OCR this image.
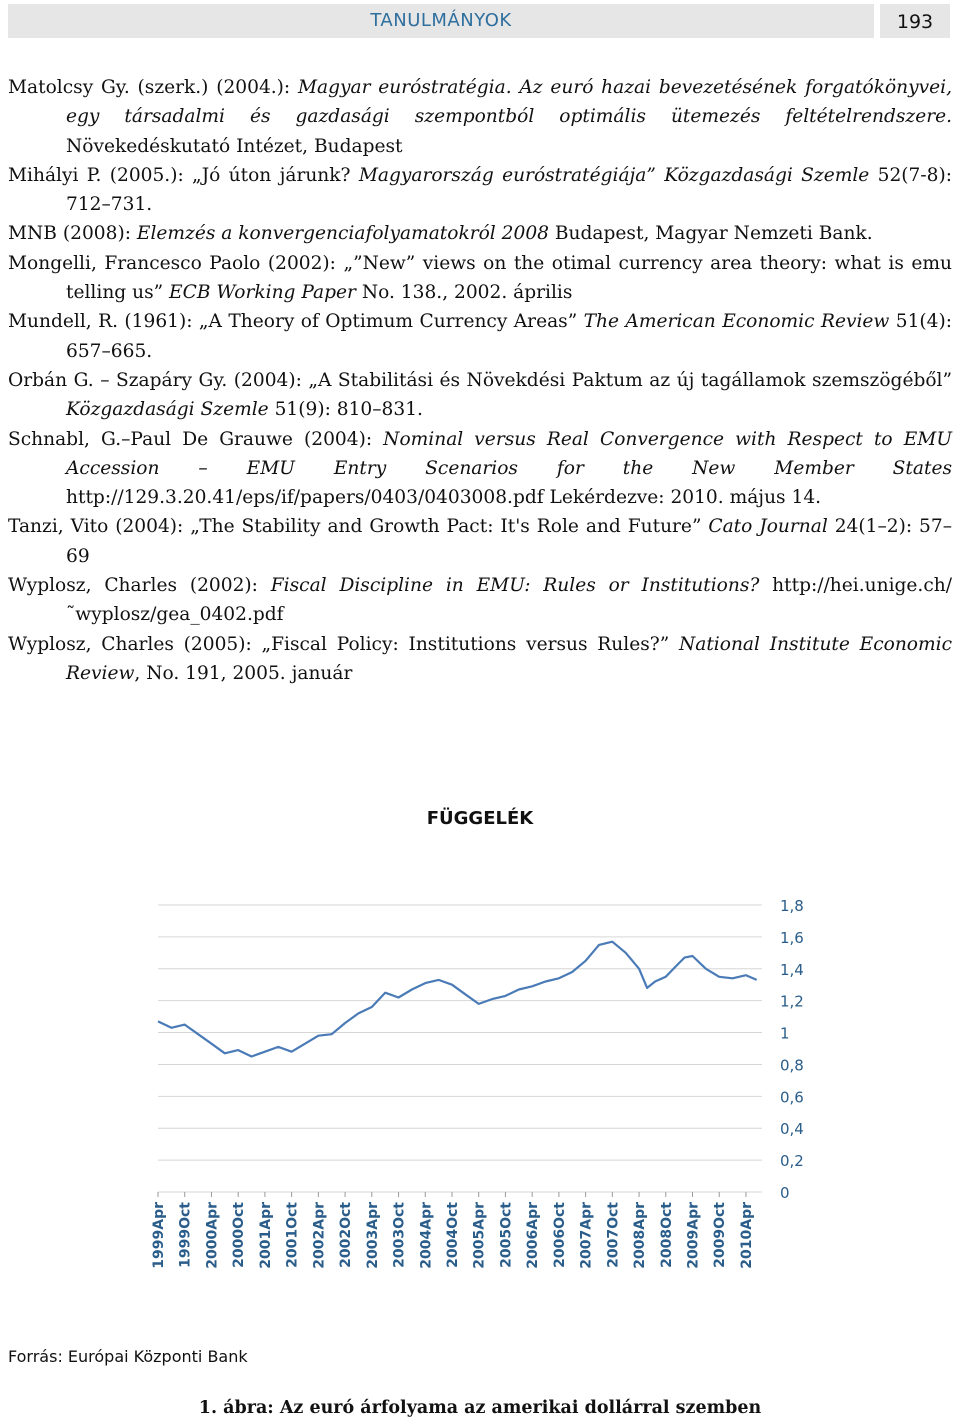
TANULMÁNYOK	193
Matolcsy Gy. (szerk.) (2004.): Magyar euróstratégia. Az euró hazai bevezetésének forgatókönyvei, egy társadalmi és gazdasági szempontból optimális ütemezés feltételrendszere. Növekedéskutató Intézet, Budapest
Mihályi P. (2005.): „Jó úton járunk? Magyarország euróstratégiája” Közgazdasági Szemle 52(7-8): 712–731.
MNB (2008): Elemzés a konvergenciafolyamatokról 2008 Budapest, Magyar Nemzeti Bank.
Mongelli, Francesco Paolo (2002): „”New” views on the otimal currency area theory: what is emu telling us” ECB Working Paper No. 138., 2002. április
Mundell, R. (1961): „A Theory of Optimum Currency Areas” The American Economic Review 51(4): 657–665.
Orbán G. – Szapáry Gy. (2004): „A Stabilitási és Növekdési Paktum az új tagállamok szemszögéből” Közgazdasági Szemle 51(9): 810–831.
Schnabl, G.–Paul De Grauwe (2004): Nominal versus Real Convergence with Respect to EMU Accession – EMU Entry Scenarios for the New Member States http://129.3.20.41/eps/if/papers/0403/0403008.pdf Lekérdezve: 2010. május 14.
Tanzi, Vito (2004): „The Stability and Growth Pact: It's Role and Future” Cato Journal 24(1–2): 57–69
Wyplosz, Charles (2002): Fiscal Discipline in EMU: Rules or Institutions? http://hei.unige.ch/˜wyplosz/gea_0402.pdf
Wyplosz, Charles (2005): „Fiscal Policy: Institutions versus Rules?” National Institute Economic Review, No. 191, 2005. január
FÜGGELÉK
0
0,2
0,4
0,6
0,8
1
1,2
1,4
1,6
1,8
1999Apr 1999Oct 2000Apr 2000Oct 2001Apr 2001Oct 2002Apr 2002Oct 2003Apr 2003Oct 2004Apr 2004Oct 2005Apr 2005Oct 2006Apr 2006Oct 2007Apr 2007Oct 2008Apr 2008Oct 2009Apr 2009Oct 2010Apr
Forrás: Európai Központi Bank
1. ábra: Az euró árfolyama az amerikai dollárral szemben
